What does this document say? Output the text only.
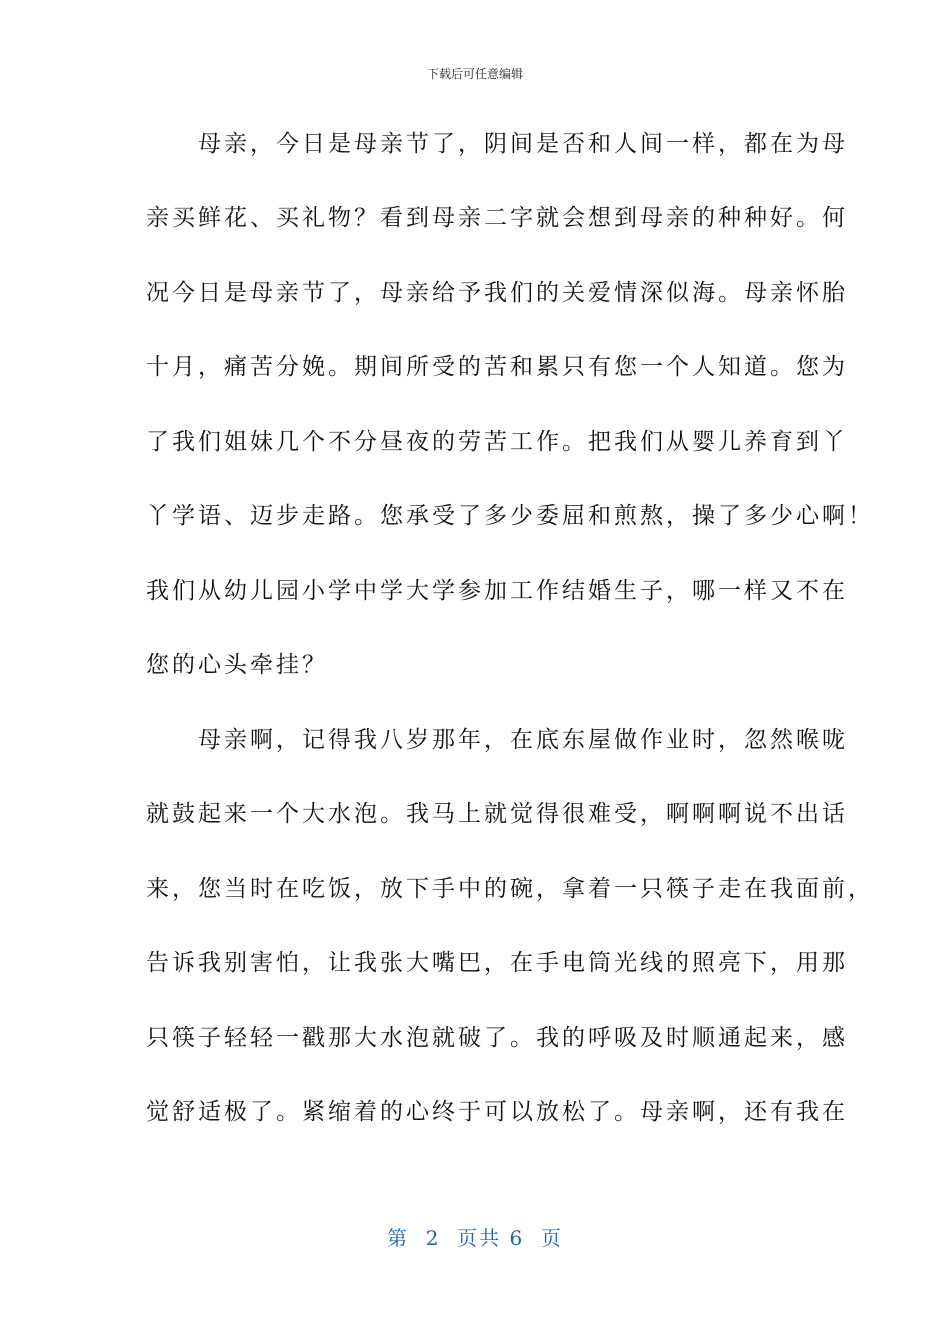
下载后可任意编辑
　　母亲，今日是母亲节了，阴间是否和人间一样，都在为母
亲买鲜花、买礼物？看到母亲二字就会想到母亲的种种好。何
况今日是母亲节了，母亲给予我们的关爱情深似海。母亲怀胎
十月，痛苦分娩。期间所受的苦和累只有您一个人知道。您为
了我们姐妹几个不分昼夜的劳苦工作。把我们从婴儿养育到丫
丫学语、迈步走路。您承受了多少委屈和煎熬，操了多少心啊！
我们从幼儿园小学中学大学参加工作结婚生子，哪一样又不在
您的心头牵挂？
　　母亲啊，记得我八岁那年，在底东屋做作业时，忽然喉咙
就鼓起来一个大水泡。我马上就觉得很难受，啊啊啊说不出话
来，您当时在吃饭，放下手中的碗，拿着一只筷子走在我面前，
告诉我别害怕，让我张大嘴巴，在手电筒光线的照亮下，用那
只筷子轻轻一戳那大水泡就破了。我的呼吸及时顺通起来，感
觉舒适极了。紧缩着的心终于可以放松了。母亲啊，还有我在
第  2  页共 6  页
